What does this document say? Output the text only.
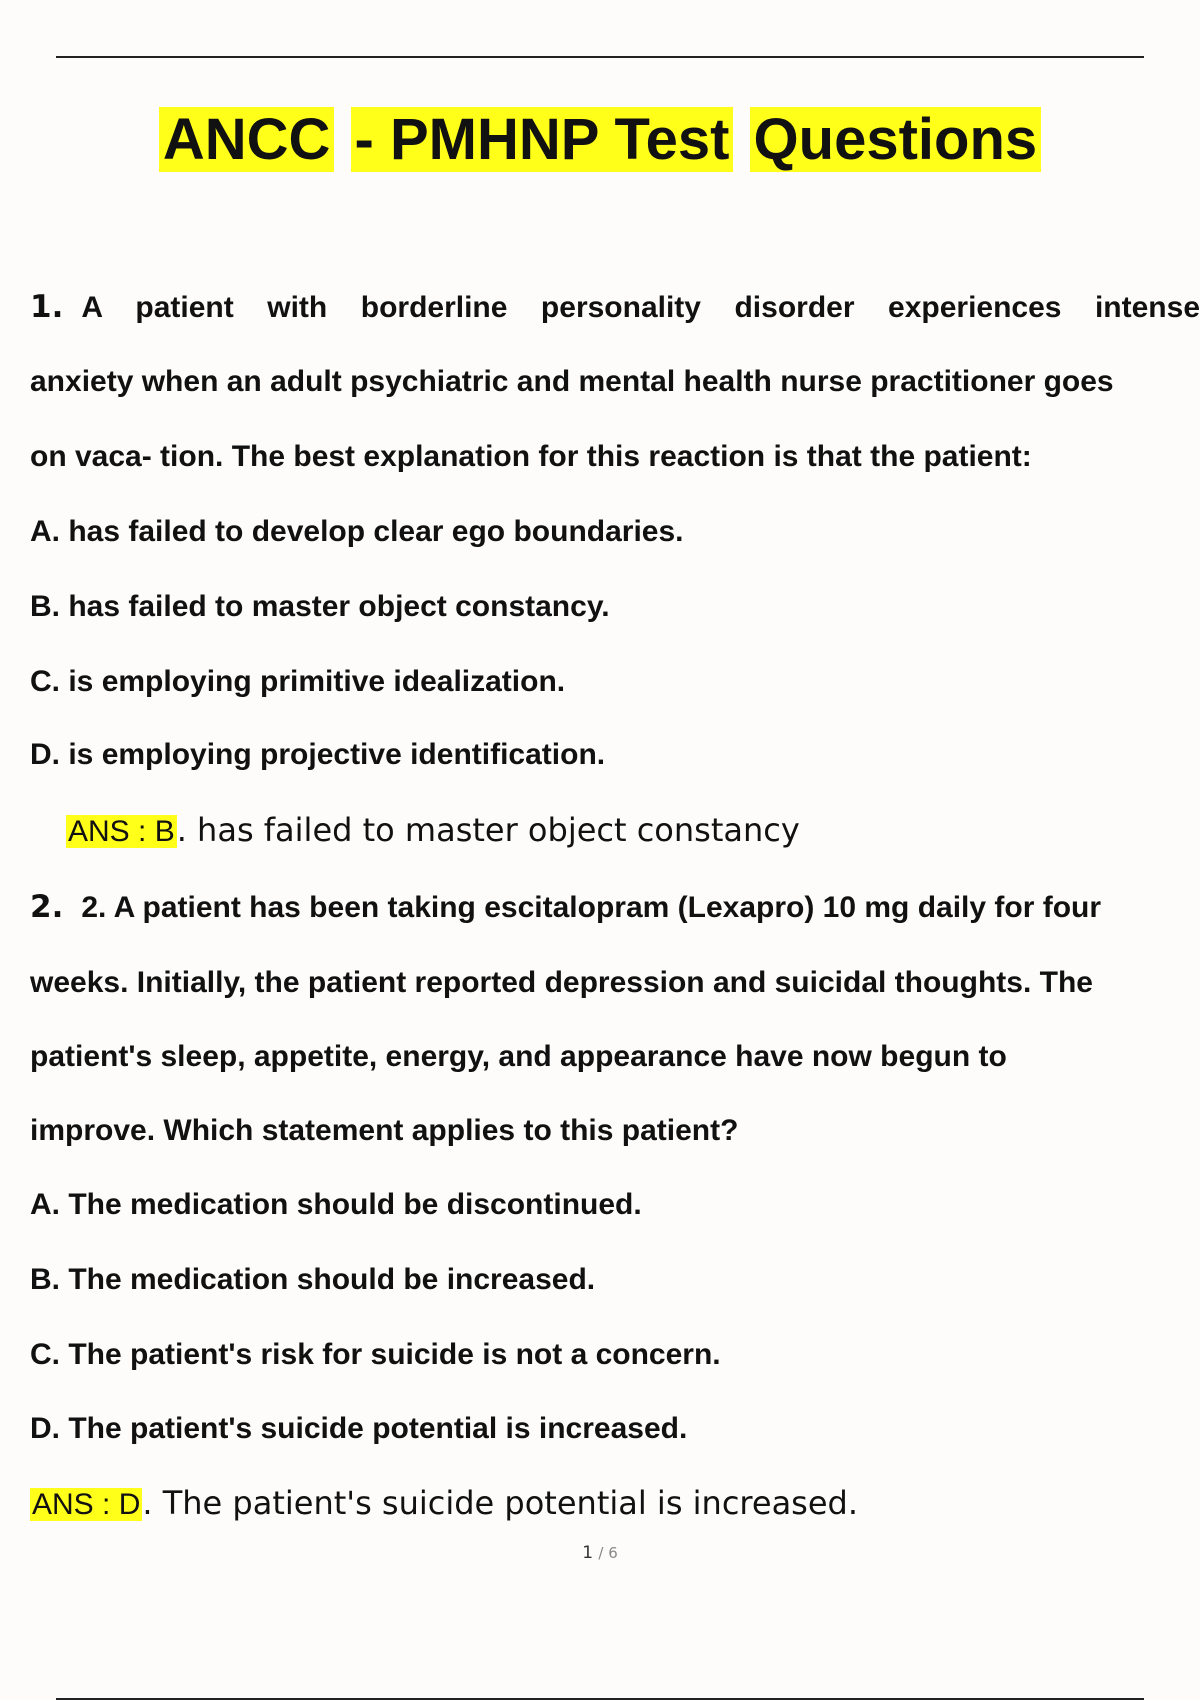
ANCC - PMHNP Test Questions
1. A patient with borderline personality disorder experiences intense
anxiety when an adult psychiatric and mental health nurse practitioner goes
on vaca- tion. The best explanation for this reaction is that the patient:
A. has failed to develop clear ego boundaries.
B. has failed to master object constancy.
C. is employing primitive idealization.
D. is employing projective identification.
ANS : B. has failed to master object constancy
2. 2. A patient has been taking escitalopram (Lexapro) 10 mg daily for four
weeks. Initially, the patient reported depression and suicidal thoughts. The
patient's sleep, appetite, energy, and appearance have now begun to
improve. Which statement applies to this patient?
A. The medication should be discontinued.
B. The medication should be increased.
C. The patient's risk for suicide is not a concern.
D. The patient's suicide potential is increased.
ANS : D. The patient's suicide potential is increased.
1 / 6
